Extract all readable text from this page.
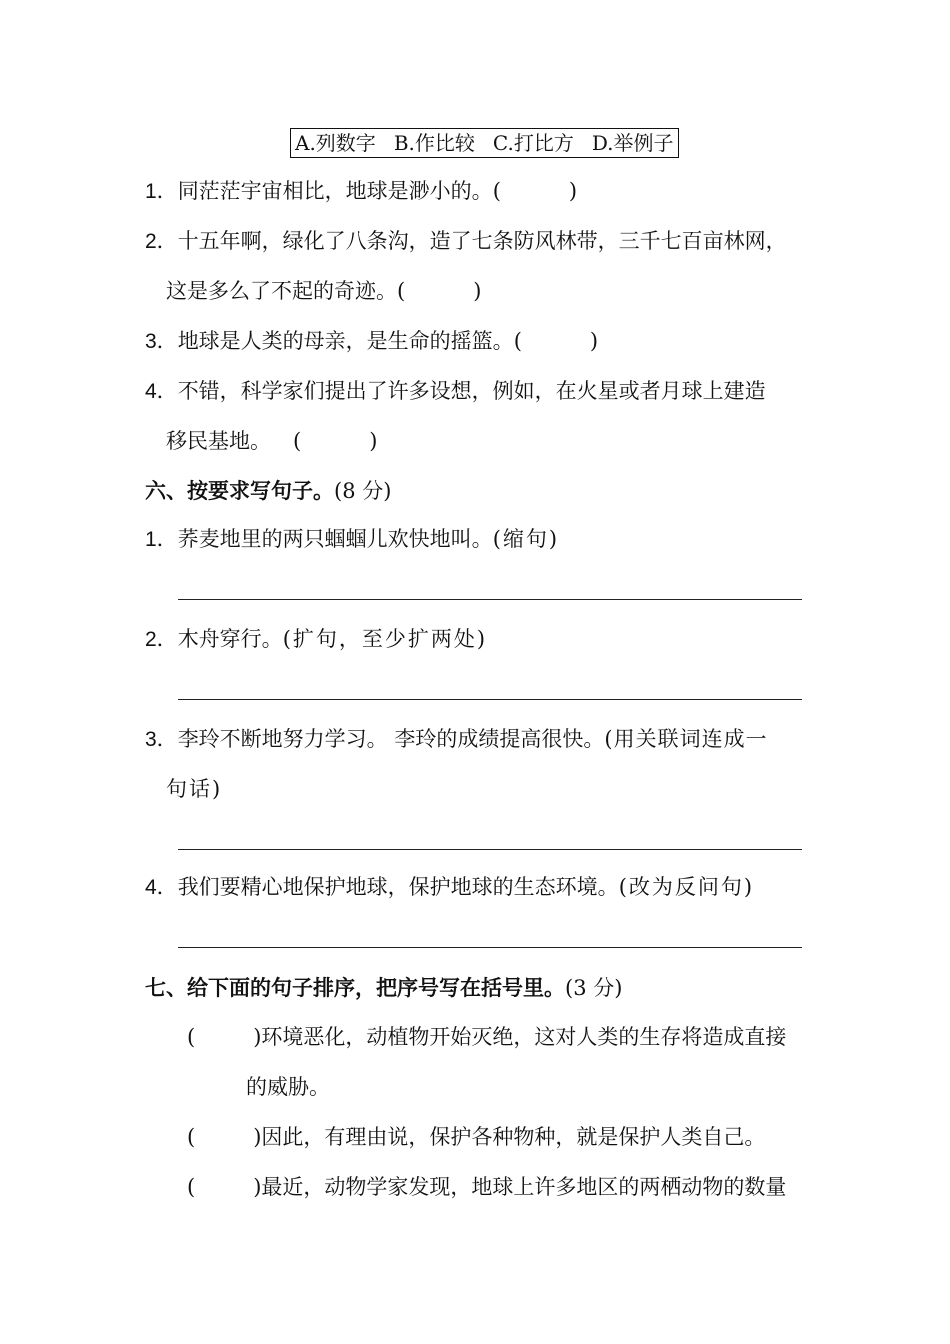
A.列数字 B.作比较 C.打比方 D.举例子
1．同茫茫宇宙相比，地球是渺小的。(	)
2．十五年啊，绿化了八条沟，造了七条防风林带，三千七百亩林网，
这是多么了不起的奇迹。(	)
3．地球是人类的母亲，是生命的摇篮。(	)
4．不错，科学家们提出了许多设想，例如，在火星或者月球上建造
移民基地。 (	)
六、按要求写句子。(8 分)
1．荞麦地里的两只蝈蝈儿欢快地叫。(缩句)
2．木舟穿行。(扩句，至少扩两处)
3．李玲不断地努力学习。 李玲的成绩提高很快。(用关联词连成一
句话)
4．我们要精心地保护地球，保护地球的生态环境。(改为反问句)
七、给下面的句子排序，把序号写在括号里。(3 分)
(	)环境恶化，动植物开始灭绝，这对人类的生存将造成直接
的威胁。
(	)因此，有理由说，保护各种物种，就是保护人类自己。
(	)最近，动物学家发现，地球上许多地区的两栖动物的数量
